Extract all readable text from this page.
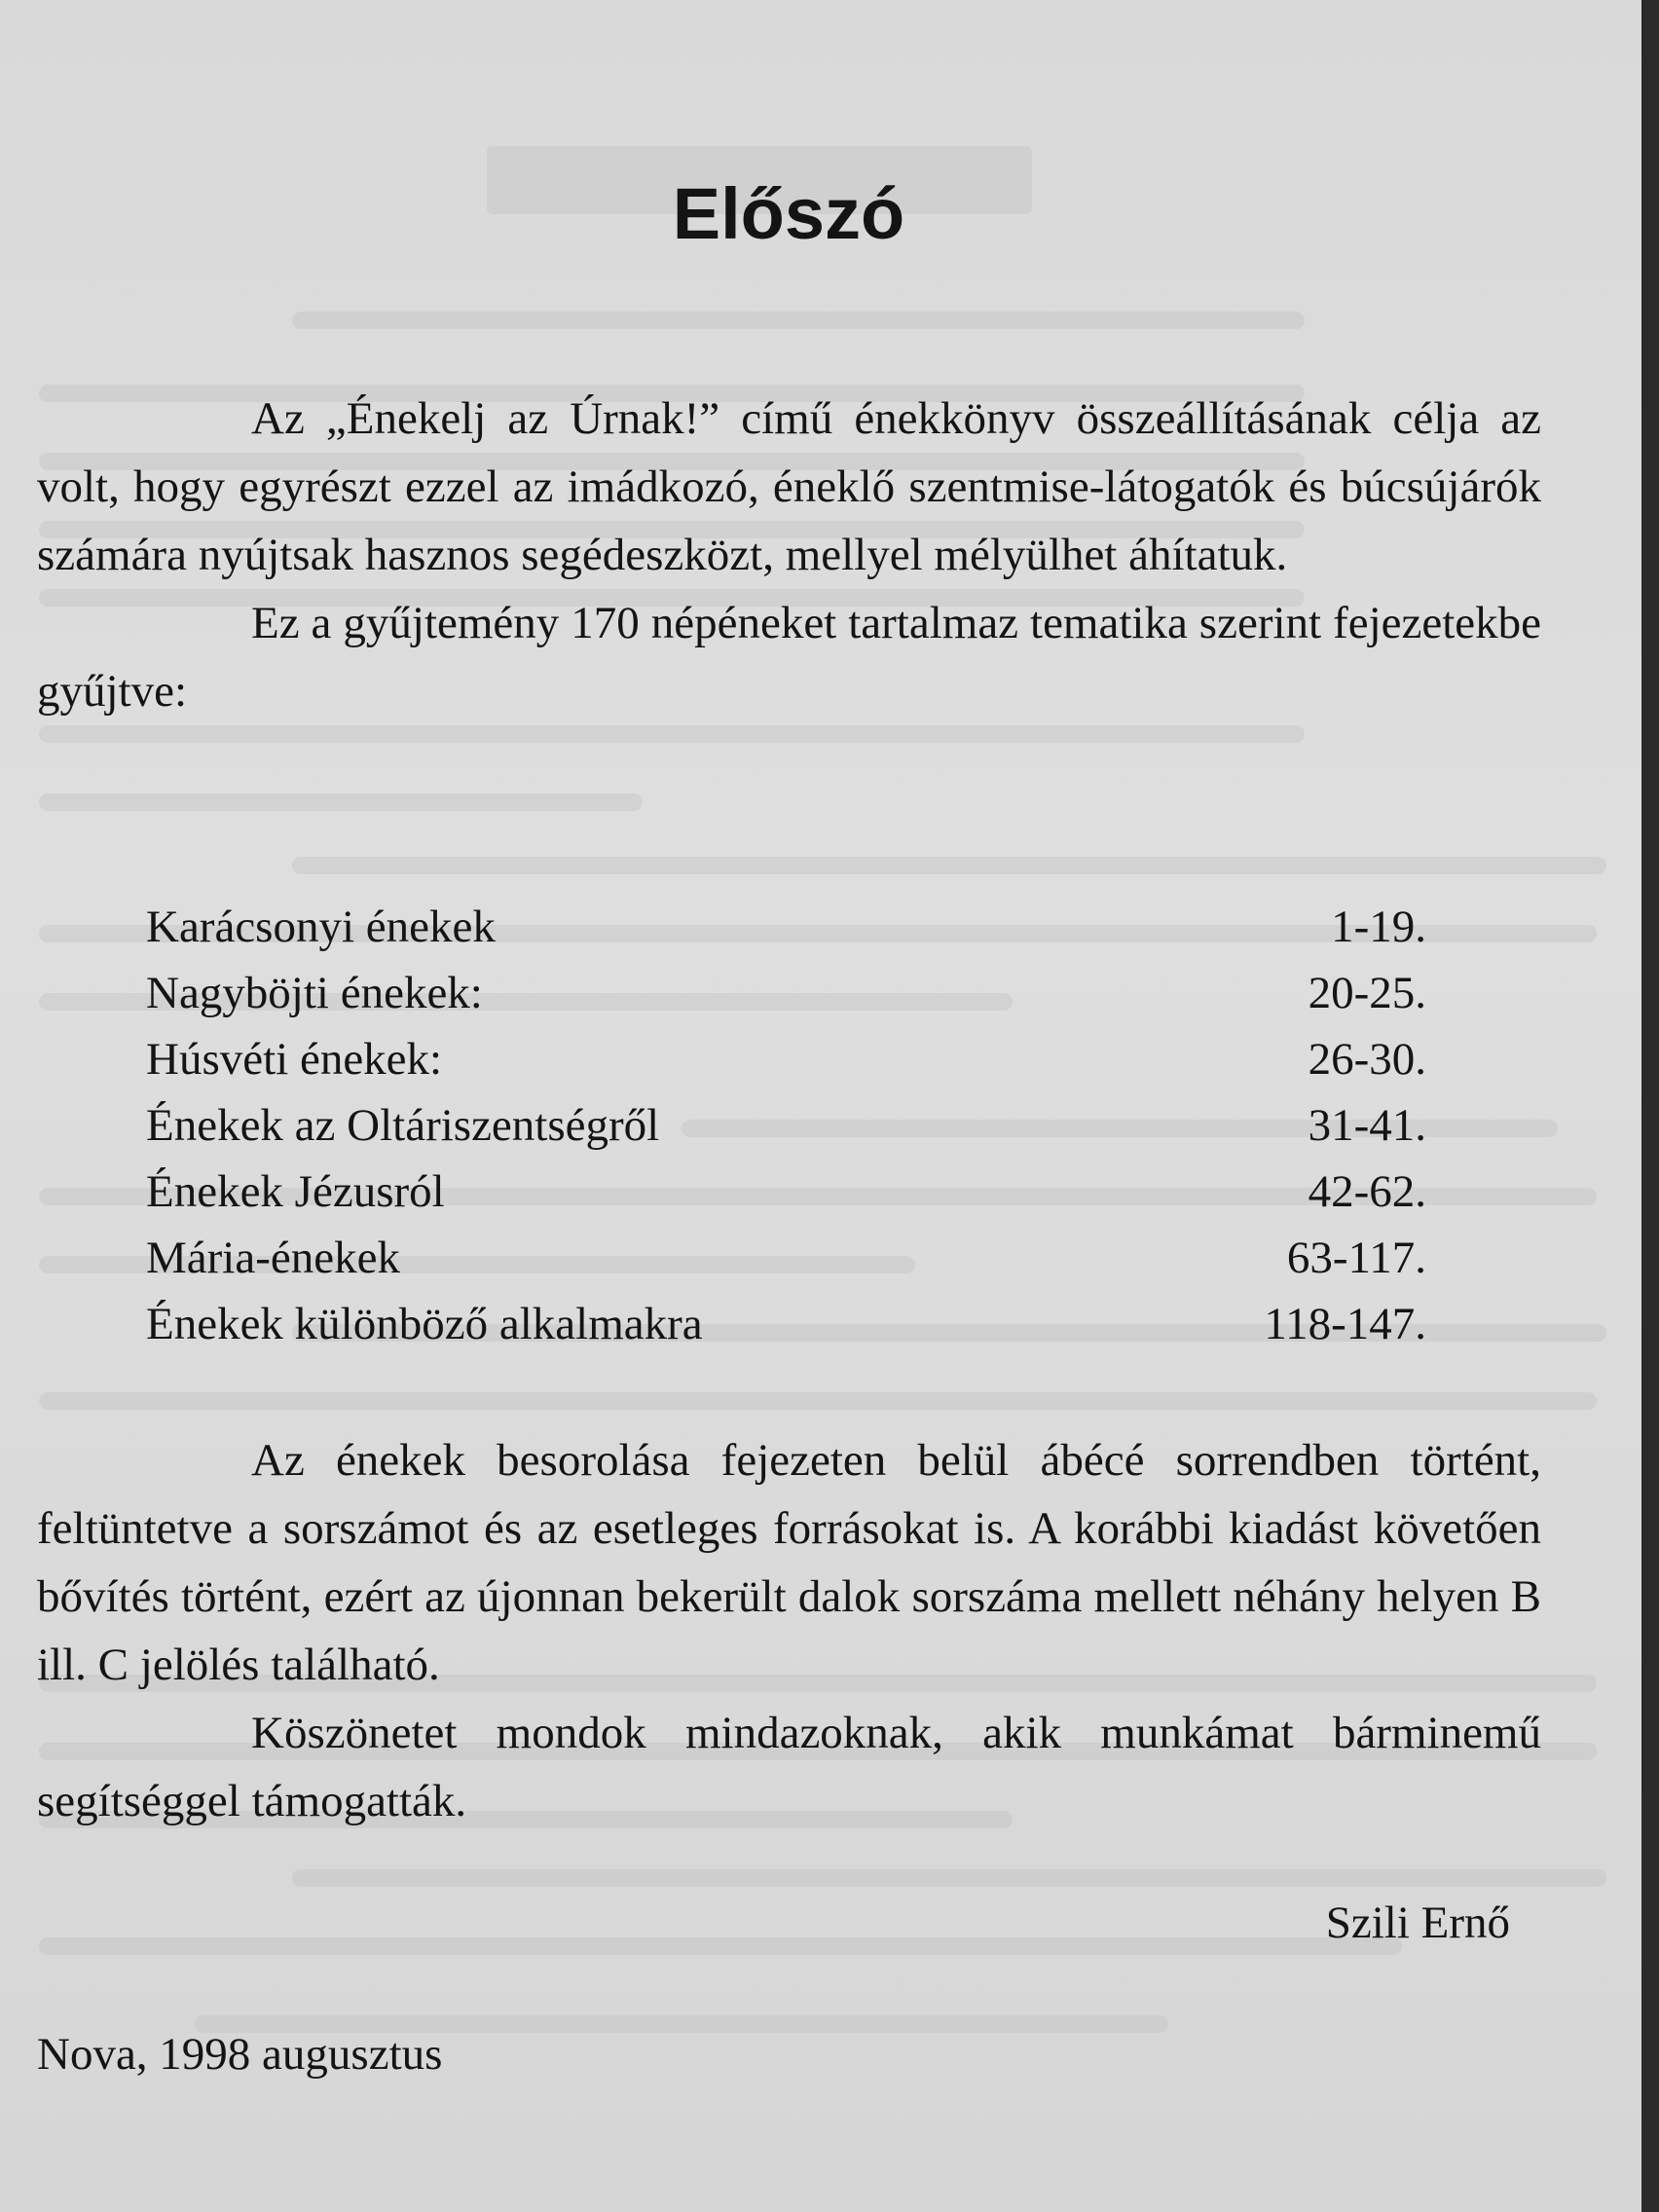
Előszó

Az „Énekelj az Úrnak!” című énekkönyv összeállításának célja az volt, hogy egyrészt ezzel az imádkozó, éneklő szentmise-látogatók és búcsújárók számára nyújtsak hasznos segédeszközt, mellyel mélyülhet áhítatuk.

Ez a gyűjtemény 170 népéneket tartalmaz tematika szerint fejezetekbe gyűjtve:

Karácsonyi énekek	1-19.
Nagyböjti énekek:	20-25.
Húsvéti énekek:	26-30.
Énekek az Oltáriszentségről	31-41.
Énekek Jézusról	42-62.
Mária-énekek	63-117.
Énekek különböző alkalmakra	118-147.

Az énekek besorolása fejezeten belül ábécé sorrendben történt, feltüntetve a sorszámot és az esetleges forrásokat is. A korábbi kiadást követően bővítés történt, ezért az újonnan bekerült dalok sorszáma mellett néhány helyen B ill. C jelölés található.

Köszönetet mondok mindazoknak, akik munkámat bárminemű segítséggel támogatták.

Szili Ernő

Nova, 1998 augusztus
